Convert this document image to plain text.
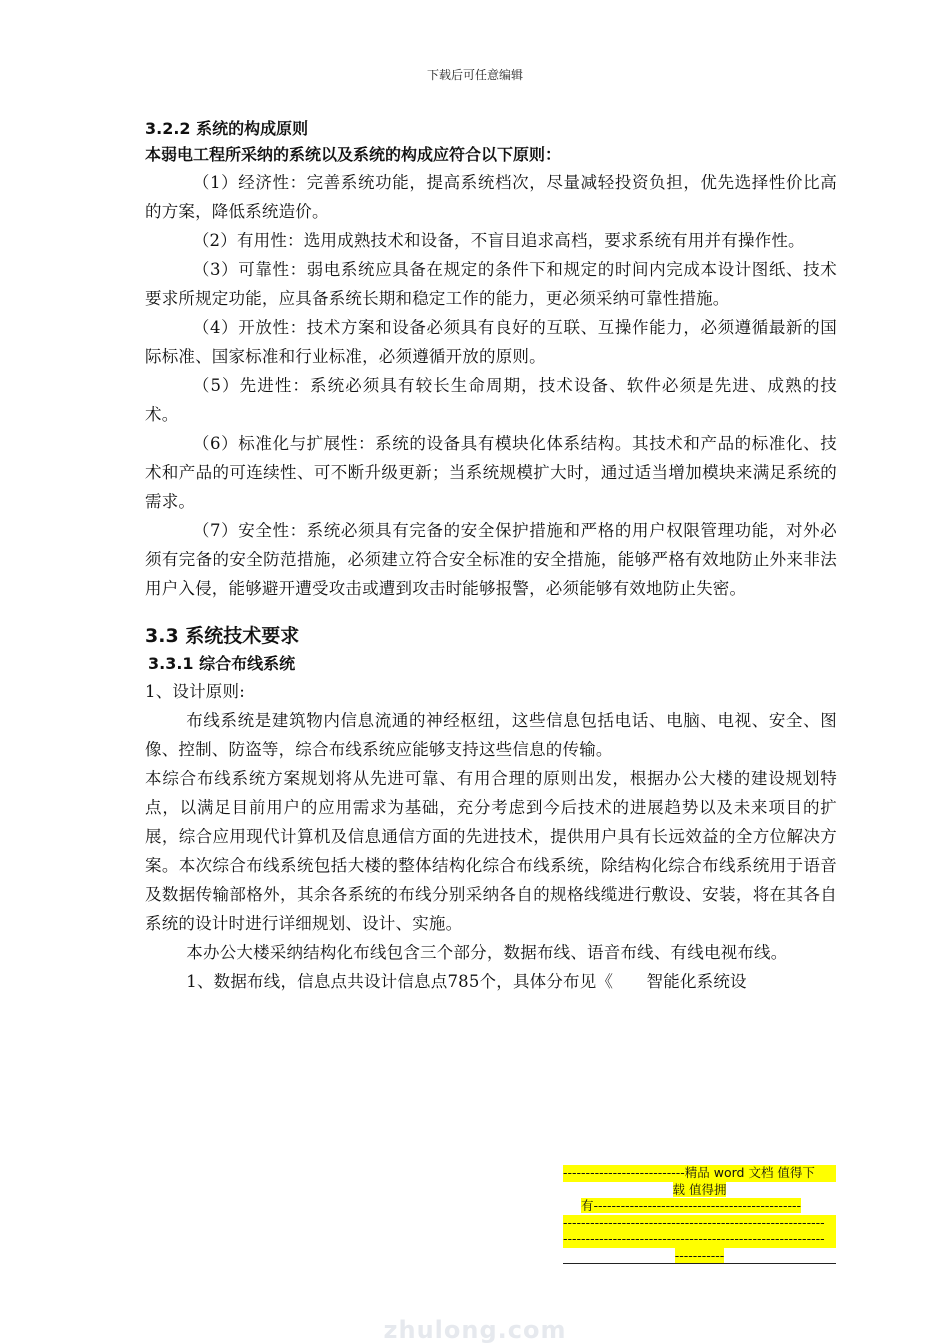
下载后可任意编辑
3.2.2 系统的构成原则
本弱电工程所采纳的系统以及系统的构成应符合以下原则：

（1）经济性：完善系统功能，提高系统档次，尽量减轻投资负担，优先选择性价比高的方案，降低系统造价。

（2）有用性：选用成熟技术和设备，不盲目追求高档，要求系统有用并有操作性。

（3）可靠性：弱电系统应具备在规定的条件下和规定的时间内完成本设计图纸、技术要求所规定功能，应具备系统长期和稳定工作的能力，更必须采纳可靠性措施。

（4）开放性：技术方案和设备必须具有良好的互联、互操作能力，必须遵循最新的国际标准、国家标准和行业标准，必须遵循开放的原则。

（5）先进性：系统必须具有较长生命周期，技术设备、软件必须是先进、成熟的技术。

（6）标准化与扩展性：系统的设备具有模块化体系结构。其技术和产品的标准化、技术和产品的可连续性、可不断升级更新；当系统规模扩大时，通过适当增加模块来满足系统的需求。

（7）安全性：系统必须具有完备的安全保护措施和严格的用户权限管理功能，对外必须有完备的安全防范措施，必须建立符合安全标准的安全措施，能够严格有效地防止外来非法用户入侵，能够避开遭受攻击或遭到攻击时能够报警，必须能够有效地防止失密。

3.3 系统技术要求
3.3.1 综合布线系统

1、设计原则:

布线系统是建筑物内信息流通的神经枢纽，这些信息包括电话、电脑、电视、安全、图像、控制、防盗等，综合布线系统应能够支持这些信息的传输。

本综合布线系统方案规划将从先进可靠、有用合理的原则出发，根据办公大楼的建设规划特点，以满足目前用户的应用需求为基础，充分考虑到今后技术的进展趋势以及未来项目的扩展，综合应用现代计算机及信息通信方面的先进技术，提供用户具有长远效益的全方位解决方案。本次综合布线系统包括大楼的整体结构化综合布线系统，除结构化综合布线系统用于语音及数据传输部格外，其余各系统的布线分别采纳各自的规格线缆进行敷设、安装，将在其各自系统的设计时进行详细规划、设计、实施。

本办公大楼采纳结构化布线包含三个部分，数据布线、语音布线、有线电视布线。

1、数据布线，信息点共设计信息点785个，具体分布见《　　智能化系统设

---------------------------精品 word 文档 值得下
载 值得拥
有----------------------------------------------
----------------------------------------------------------
----------------------------------------------------------
-----------
zhulong.com
